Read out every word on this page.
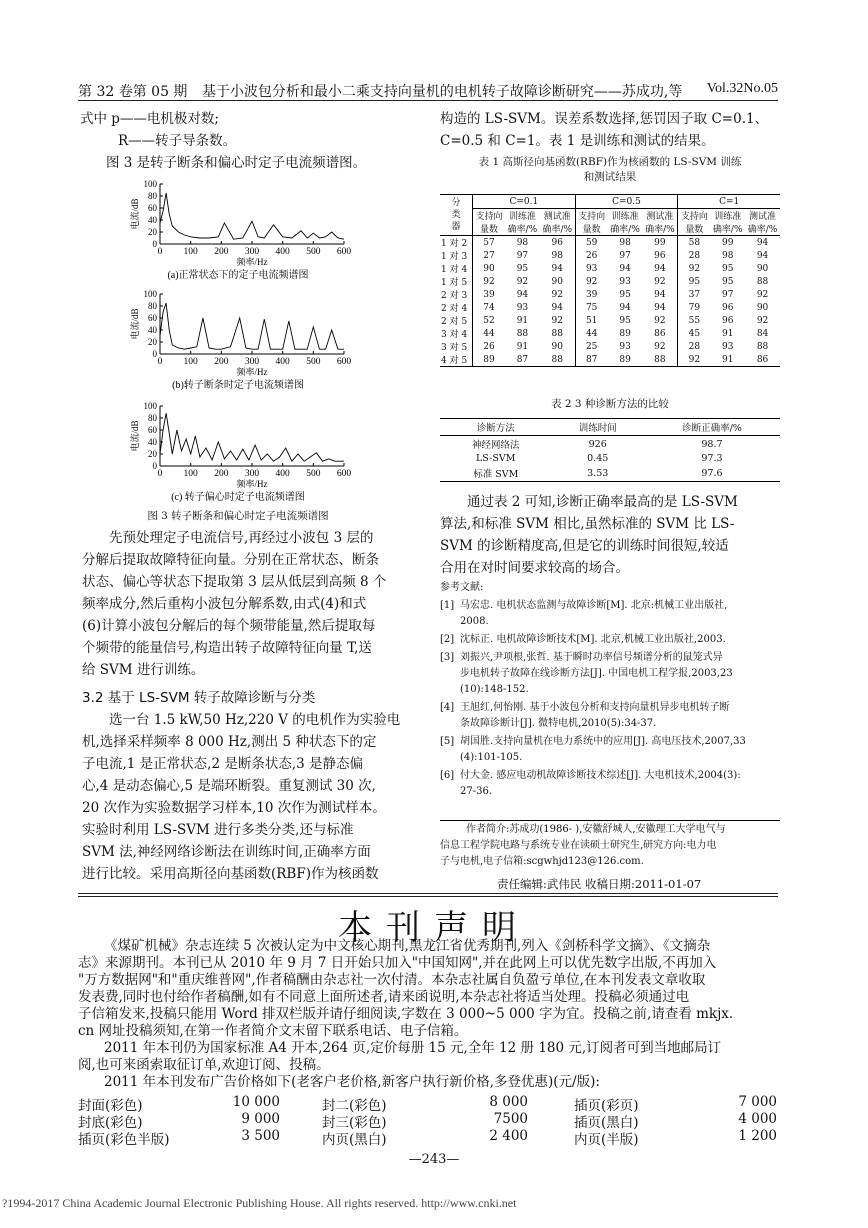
第 32 卷第 05 期 基于小波包分析和最小二乘支持向量机的电机转子故障诊断研究——苏成功,等 Vol.32No.05
式中 p——电机极对数;
R——转子导条数。
图 3 是转子断条和偏心时定子电流频谱图。
0
20
40
60
80
100
0 100 200 300 400 500 600
电流/dB
频率/Hz
(a)正常状态下的定子电流频谱图
0
20
40
60
80
100
0 100 200 300 400 500 600
电流/dB
频率/Hz
(b)转子断条时定子电流频谱图
0
20
40
60
80
100
0 100 200 300 400 500 600
电流/dB
频率/Hz
(c) 转子偏心时定子电流频谱图
图 3 转子断条和偏心时定子电流频谱图
先预处理定子电流信号,再经过小波包 3 层的
分解后提取故障特征向量。分别在正常状态、断条
状态、偏心等状态下提取第 3 层从低层到高频 8 个
频率成分,然后重构小波包分解系数,由式(4)和式
(6)计算小波包分解后的每个频带能量,然后提取每
个频带的能量信号,构造出转子故障特征向量 T,送
给 SVM 进行训练。
3.2 基于 LS-SVM 转子故障诊断与分类
选一台 1.5 kW,50 Hz,220 V 的电机作为实验电
机,选择采样频率 8 000 Hz,测出 5 种状态下的定
子电流,1 是正常状态,2 是断条状态,3 是静态偏
心,4 是动态偏心,5 是端环断裂。重复测试 30 次,
20 次作为实验数据学习样本,10 次作为测试样本。
实验时利用 LS-SVM 进行多类分类,还与标准
SVM 法,神经网络诊断法在训练时间,正确率方面
进行比较。采用高斯径向基函数(RBF)作为核函数
构造的 LS-SVM。误差系数选择,惩罚因子取 C=0.1、
C=0.5 和 C=1。表 1 是训练和测试的结果。
表 1 高斯径向基函数(RBF)作为核函数的 LS-SVM 训练
和测试结果
分
类
器	C=0.1			C=0.5			C=1		
	支持向	训练准	测试准	支持向	训练准	测试准	支持向	训练准	测试准
	量数	确率/%	确率/%	量数	确率/%	确率/%	量数	确率/%	确率/%
1 对 2	57	98	96	59	98	99	58	99	94
1 对 3	27	97	98	26	97	96	28	98	94
1 对 4	90	95	94	93	94	94	92	95	90
1 对 5	92	92	90	92	93	92	95	95	88
2 对 3	39	94	92	39	95	94	37	97	92
2 对 4	74	93	94	75	94	94	79	96	90
2 对 5	52	91	92	51	95	92	55	96	92
3 对 4	44	88	88	44	89	86	45	91	84
3 对 5	26	91	90	25	93	92	28	93	88
4 对 5	89	87	88	87	89	88	92	91	86
表 2 3 种诊断方法的比较
诊断方法	训练时间	诊断正确率/%
神经网络法	926	98.7
LS-SVM	0.45	97.3
标准 SVM	3.53	97.6
通过表 2 可知,诊断正确率最高的是 LS-SVM
算法,和标准 SVM 相比,虽然标准的 SVM 比 LS-
SVM 的诊断精度高,但是它的训练时间很短,较适
合用在对时间要求较高的场合。
参考文献:
[1] 马宏忠. 电机状态监测与故障诊断[M]. 北京:机械工业出版社,
2008.
[2] 沈标正. 电机故障诊断技术[M]. 北京,机械工业出版社,2003.
[3] 刘振兴,尹项根,张哲. 基于瞬时功率信号频谱分析的鼠笼式异
步电机转子故障在线诊断方法[J]. 中国电机工程学报,2003,23
(10):148-152.
[4] 王旭红,何怡刚. 基于小波包分析和支持向量机异步电机转子断
条故障诊断计[J]. 微特电机,2010(5):34-37.
[5] 胡国胜.支持向量机在电力系统中的应用[J]. 高电压技术,2007,33
(4):101-105.
[6] 付大金. 感应电动机故障诊断技术综述[J]. 大电机技术,2004(3):
27-36.
作者简介:苏成功(1986- ),安徽舒城人,安徽理工大学电气与
信息工程学院电路与系统专业在读硕士研究生,研究方向:电力电
子与电机,电子信箱:scgwhjd123@126.com.
责任编辑:武伟民 收稿日期:2011-01-07
本刊声明
《煤矿机械》杂志连续 5 次被认定为中文核心期刊,黑龙江省优秀期刊,列入《剑桥科学文摘》、《文摘杂
志》来源期刊。本刊已从 2010 年 9 月 7 日开始只加入"中国知网",并在此网上可以优先数字出版,不再加入
"万方数据网"和"重庆维普网",作者稿酬由杂志社一次付清。本杂志社属自负盈亏单位,在本刊发表文章收取
发表费,同时也付给作者稿酬,如有不同意上面所述者,请来函说明,本杂志社将适当处理。投稿必须通过电
子信箱发来,投稿只能用 Word 排双栏版并请仔细阅读,字数在 3 000~5 000 字为宜。投稿之前,请查看 mkjx.
cn 网址投稿须知,在第一作者简介文末留下联系电话、电子信箱。
2011 年本刊仍为国家标准 A4 开本,264 页,定价每册 15 元,全年 12 册 180 元,订阅者可到当地邮局订
阅,也可来函索取征订单,欢迎订阅、投稿。
2011 年本刊发布广告价格如下(老客户老价格,新客户执行新价格,多登优惠)(元/版):
封面(彩色)	10 000	封二(彩色)	8 000	插页(彩页)	7 000
封底(彩色)	9 000	封三(彩色)	7500	插页(黑白)	4 000
插页(彩色半版)	3 500	内页(黑白)	2 400	内页(半版)	1 200
—243—
?1994-2017 China Academic Journal Electronic Publishing House. All rights reserved. http://www.cnki.net
